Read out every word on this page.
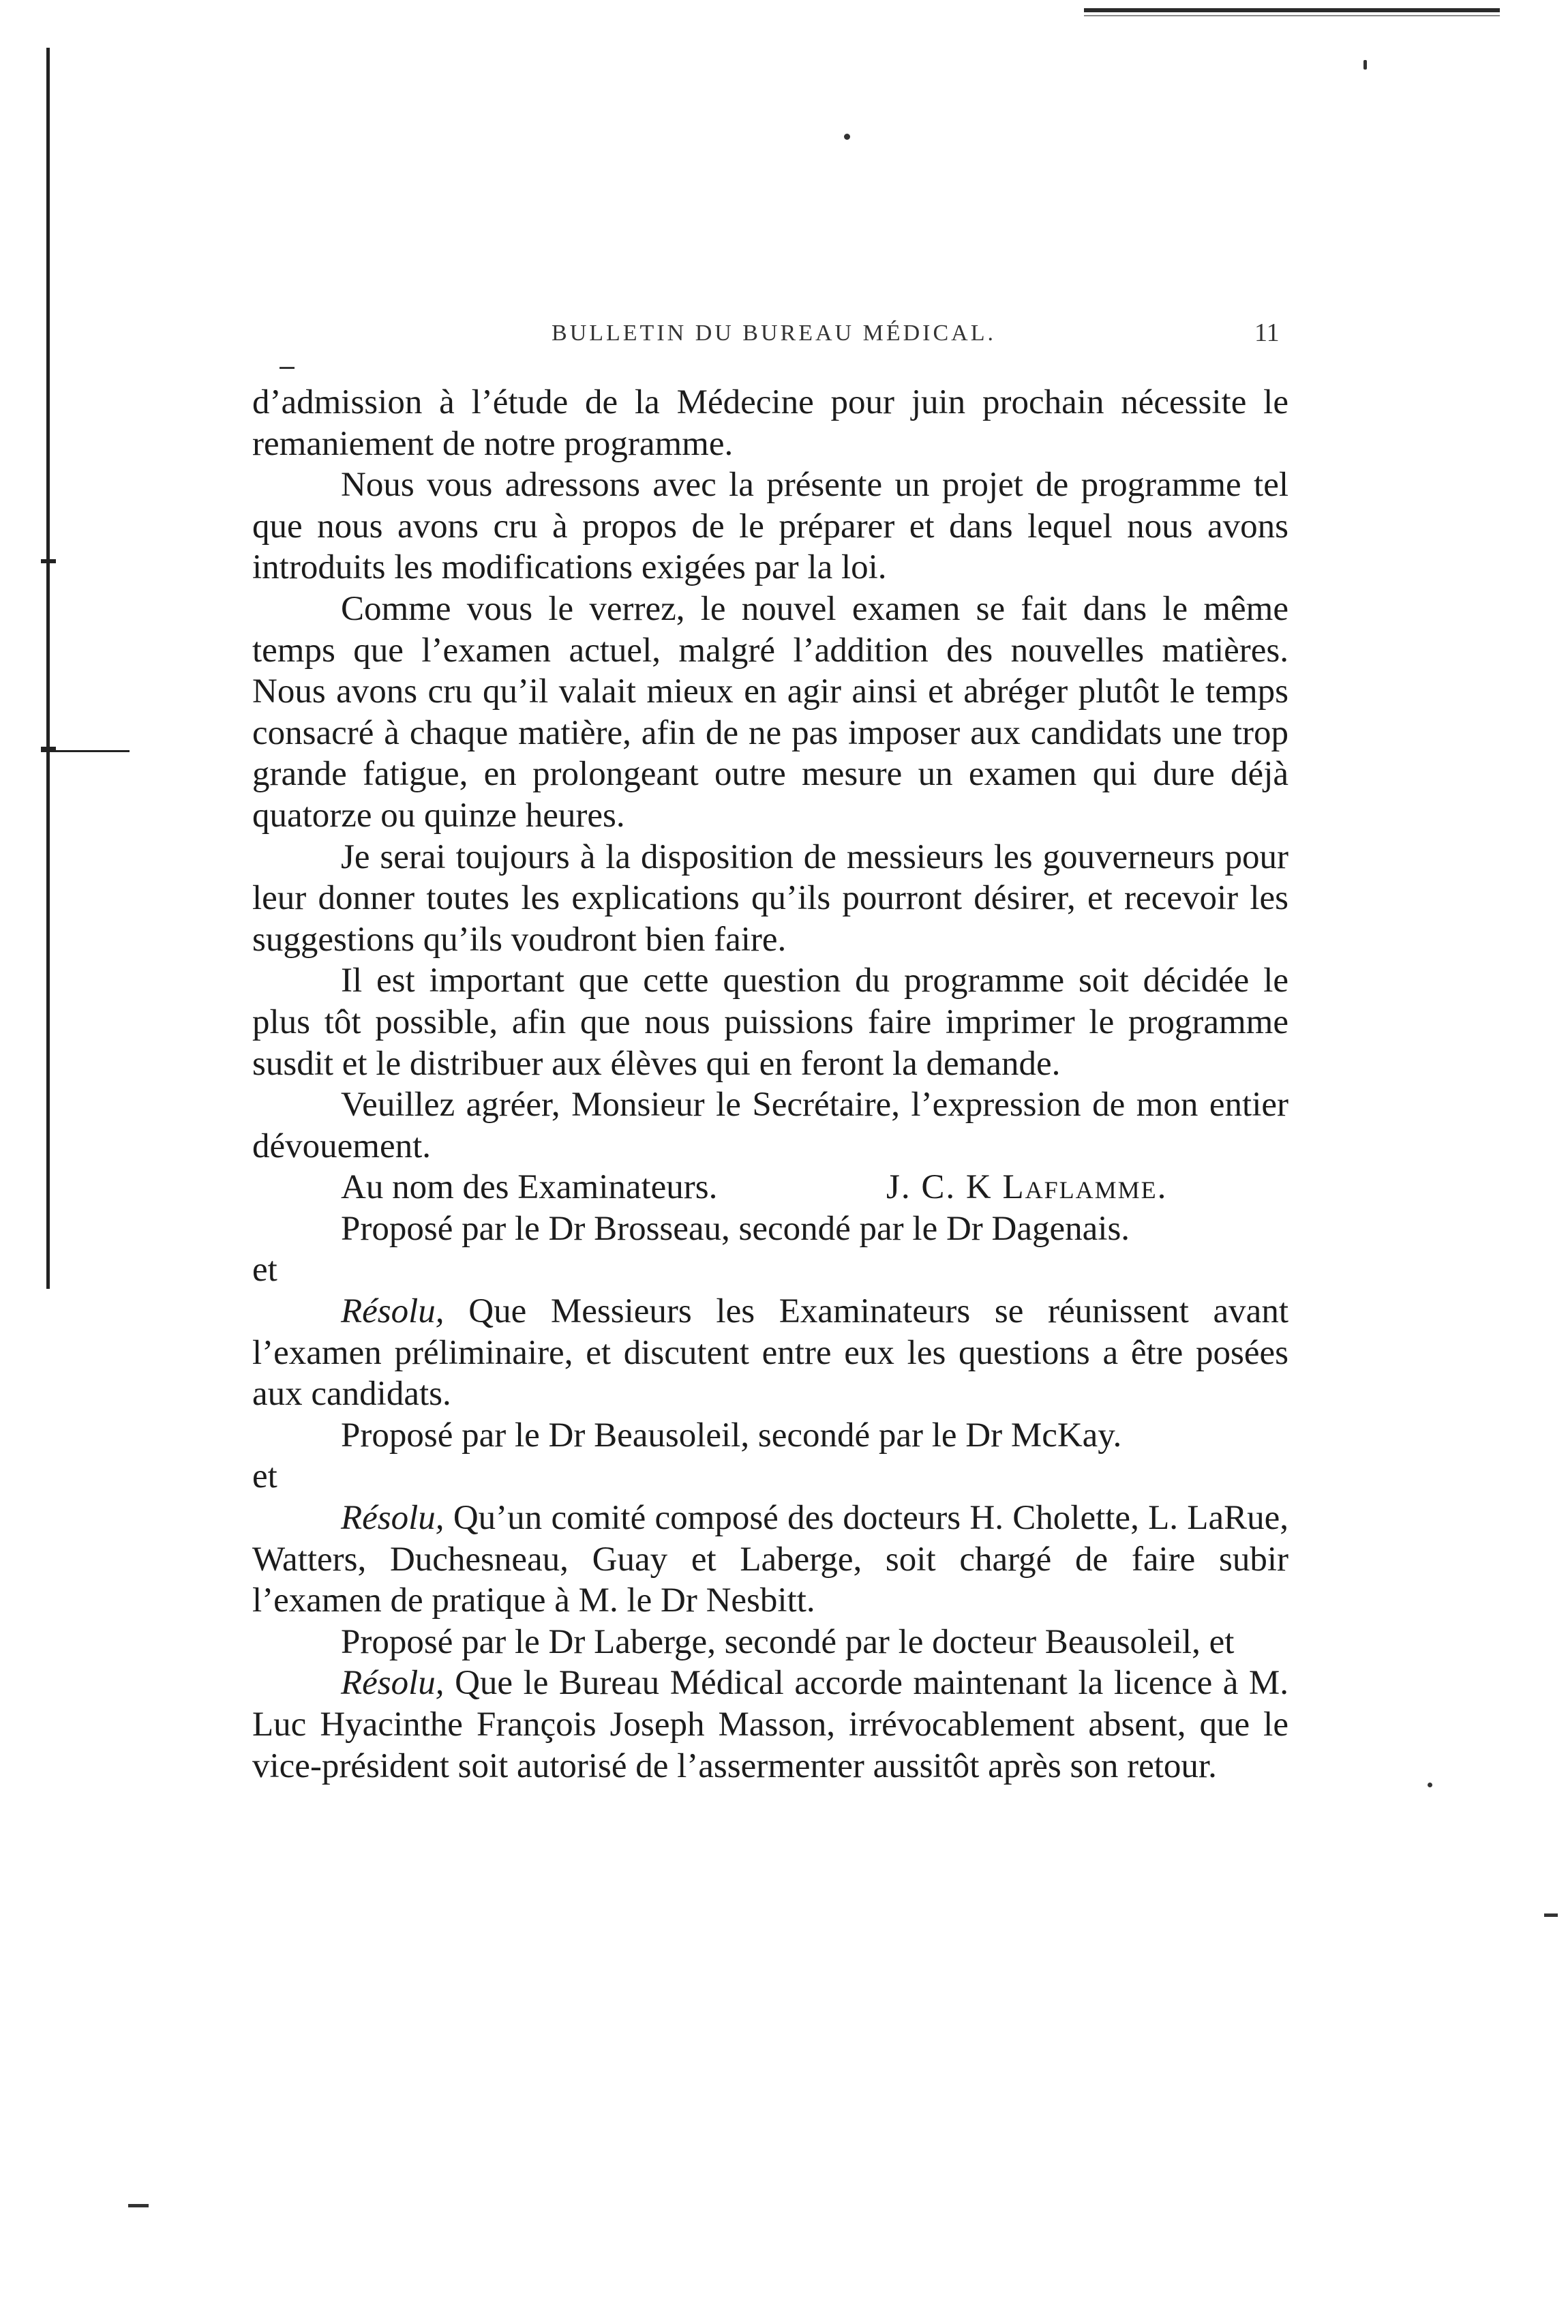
BULLETIN DU BUREAU MÉDICAL.	11

d’admission à l’étude de la Médecine pour juin prochain nécessite le remaniement de notre programme.

Nous vous adressons avec la présente un projet de programme tel que nous avons cru à propos de le préparer et dans lequel nous avons introduits les modifications exigées par la loi.

Comme vous le verrez, le nouvel examen se fait dans le même temps que l’examen actuel, malgré l’addition des nouvelles matières. Nous avons cru qu’il valait mieux en agir ainsi et abréger plutôt le temps consacré à chaque matière, afin de ne pas imposer aux candidats une trop grande fatigue, en prolongeant outre mesure un examen qui dure déjà quatorze ou quinze heures.

Je serai toujours à la disposition de messieurs les gouverneurs pour leur donner toutes les explications qu’ils pourront désirer, et recevoir les suggestions qu’ils voudront bien faire.

Il est important que cette question du programme soit décidée le plus tôt possible, afin que nous puissions faire imprimer le programme susdit et le distribuer aux élèves qui en feront la demande.

Veuillez agréer, Monsieur le Secrétaire, l’expression de mon entier dévouement.

Au nom des Examinateurs.	J. C. K Laflamme.

Proposé par le Dr Brosseau, secondé par le Dr Dagenais.

et

Résolu, Que Messieurs les Examinateurs se réunissent avant l’examen préliminaire, et discutent entre eux les questions a être posées aux candidats.

Proposé par le Dr Beausoleil, secondé par le Dr McKay.

et

Résolu, Qu’un comité composé des docteurs H. Cholette, L. LaRue, Watters, Duchesneau, Guay et Laberge, soit chargé de faire subir l’examen de pratique à M. le Dr Nesbitt.

Proposé par le Dr Laberge, secondé par le docteur Beausoleil, et

Résolu, Que le Bureau Médical accorde maintenant la licence à M. Luc Hyacinthe François Joseph Masson, irrévocablement absent, que le vice-président soit autorisé de l’assermenter aussitôt après son retour.
